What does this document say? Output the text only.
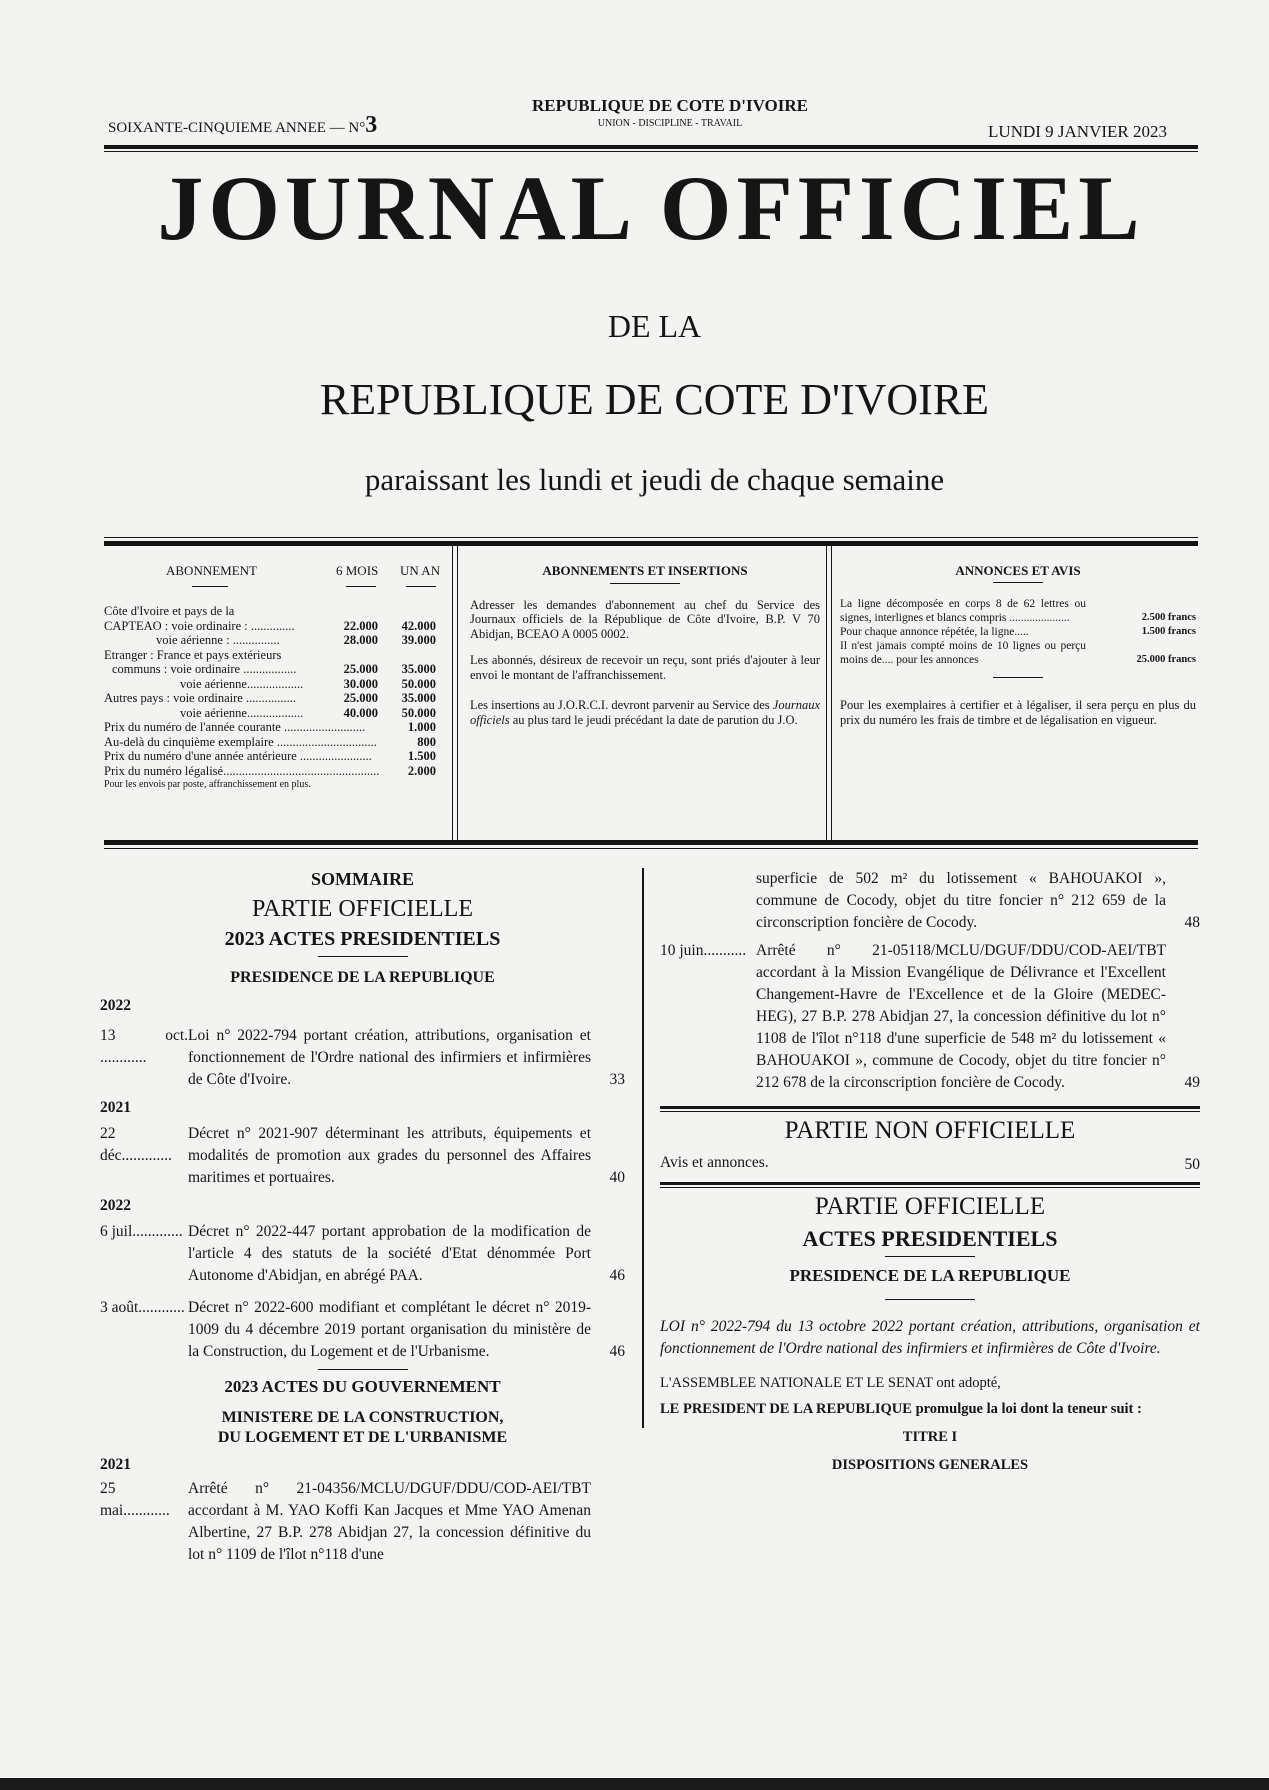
SOIXANTE-CINQUIEME ANNEE — N°3
REPUBLIQUE DE COTE D'IVOIRE
UNION - DISCIPLINE - TRAVAIL	LUNDI 9 JANVIER 2023
JOURNAL OFFICIEL
DE LA
REPUBLIQUE DE COTE D'IVOIRE
paraissant les lundi et jeudi de chaque semaine
ABONNEMENT	6 MOIS UN AN
Côte d'Ivoire et pays de la
CAPTEAO : voie ordinaire : ..............	22.000	42.000
voie aérienne : ...............	28.000	39.000
Etranger : France et pays extérieurs
communs : voie ordinaire .................	25.000	35.000
voie aérienne..................	30.000	50.000
Autres pays : voie ordinaire ................	25.000	35.000
voie aérienne..................	40.000	50.000
Prix du numéro de l'année courante ..........................	1.000
Au-delà du cinquième exemplaire ................................	800
Prix du numéro d'une année antérieure .......................	1.500
Prix du numéro légalisé..................................................	2.000
Pour les envois par poste, affranchissement en plus.
ABONNEMENTS ET INSERTIONS
Adresser les demandes d'abonnement au chef du Service des Journaux officiels de la République de Côte d'Ivoire, B.P. V 70 Abidjan, BCEAO A 0005 0002.
Les abonnés, désireux de recevoir un reçu, sont priés d'ajouter à leur envoi le montant de l'affranchissement.
Les insertions au J.O.R.C.I. devront parvenir au Service des Journaux officiels au plus tard le jeudi précédant la date de parution du J.O.
ANNONCES ET AVIS
La ligne décomposée en corps 8 de 62 lettres ou signes, interlignes et blancs compris .....................	2.500 francs
Pour chaque annonce répétée, la ligne.....	1.500 francs
Il n'est jamais compté moins de 10 lignes ou perçu moins de.... pour les annonces	25.000 francs
Pour les exemplaires à certifier et à légaliser, il sera perçu en plus du prix du numéro les frais de timbre et de légalisation en vigueur.
SOMMAIRE
PARTIE OFFICIELLE
2023 ACTES PRESIDENTIELS
PRESIDENCE DE LA REPUBLIQUE
2022
13 oct. ............
Loi n° 2022-794 portant création, attributions, organisation et fonctionnement de l'Ordre national des infirmiers et infirmières de Côte d'Ivoire.	33
2021
22 déc.............
Décret n° 2021-907 déterminant les attributs, équipements et modalités de promotion aux grades du personnel des Affaires maritimes et portuaires.	40
2022
6 juil............. Décret n° 2022-447 portant approbation de la modification de l'article 4 des statuts de la société d'Etat dénommée Port Autonome d'Abidjan, en abrégé PAA.	46
3 août............ Décret n° 2022-600 modifiant et complétant le décret n° 2019-1009 du 4 décembre 2019 portant organisation du ministère de la Construction, du Logement et de l'Urbanisme.	46
2023 ACTES DU GOUVERNEMENT
MINISTERE DE LA CONSTRUCTION,
DU LOGEMENT ET DE L'URBANISME
2021
25 mai............
Arrêté n° 21-04356/MCLU/DGUF/DDU/COD-AEI/TBT accordant à M. YAO Koffi Kan Jacques et Mme YAO Amenan Albertine, 27 B.P. 278 Abidjan 27, la concession définitive du lot n° 1109 de l'îlot n°118 d'une
superficie de 502 m² du lotissement « BAHOUAKOI », commune de Cocody, objet du titre foncier n° 212 659 de la circonscription foncière de Cocody.	48
10 juin........... Arrêté n° 21-05118/MCLU/DGUF/DDU/COD-AEI/TBT accordant à la Mission Evangélique de Délivrance et l'Excellent Changement-Havre de l'Excellence et de la Gloire (MEDEC-HEG), 27 B.P. 278 Abidjan 27, la concession définitive du lot n° 1108 de l'îlot n°118 d'une superficie de 548 m² du lotissement « BAHOUAKOI », commune de Cocody, objet du titre foncier n° 212 678 de la circonscription foncière de Cocody.	49
PARTIE NON OFFICIELLE
Avis et annonces.	50
PARTIE OFFICIELLE
ACTES PRESIDENTIELS
PRESIDENCE DE LA REPUBLIQUE
LOI n° 2022-794 du 13 octobre 2022 portant création, attributions, organisation et fonctionnement de l'Ordre national des infirmiers et infirmières de Côte d'Ivoire.
L'ASSEMBLEE NATIONALE ET LE SENAT ont adopté,
LE PRESIDENT DE LA REPUBLIQUE promulgue la loi dont la teneur suit :
TITRE I
DISPOSITIONS GENERALES
